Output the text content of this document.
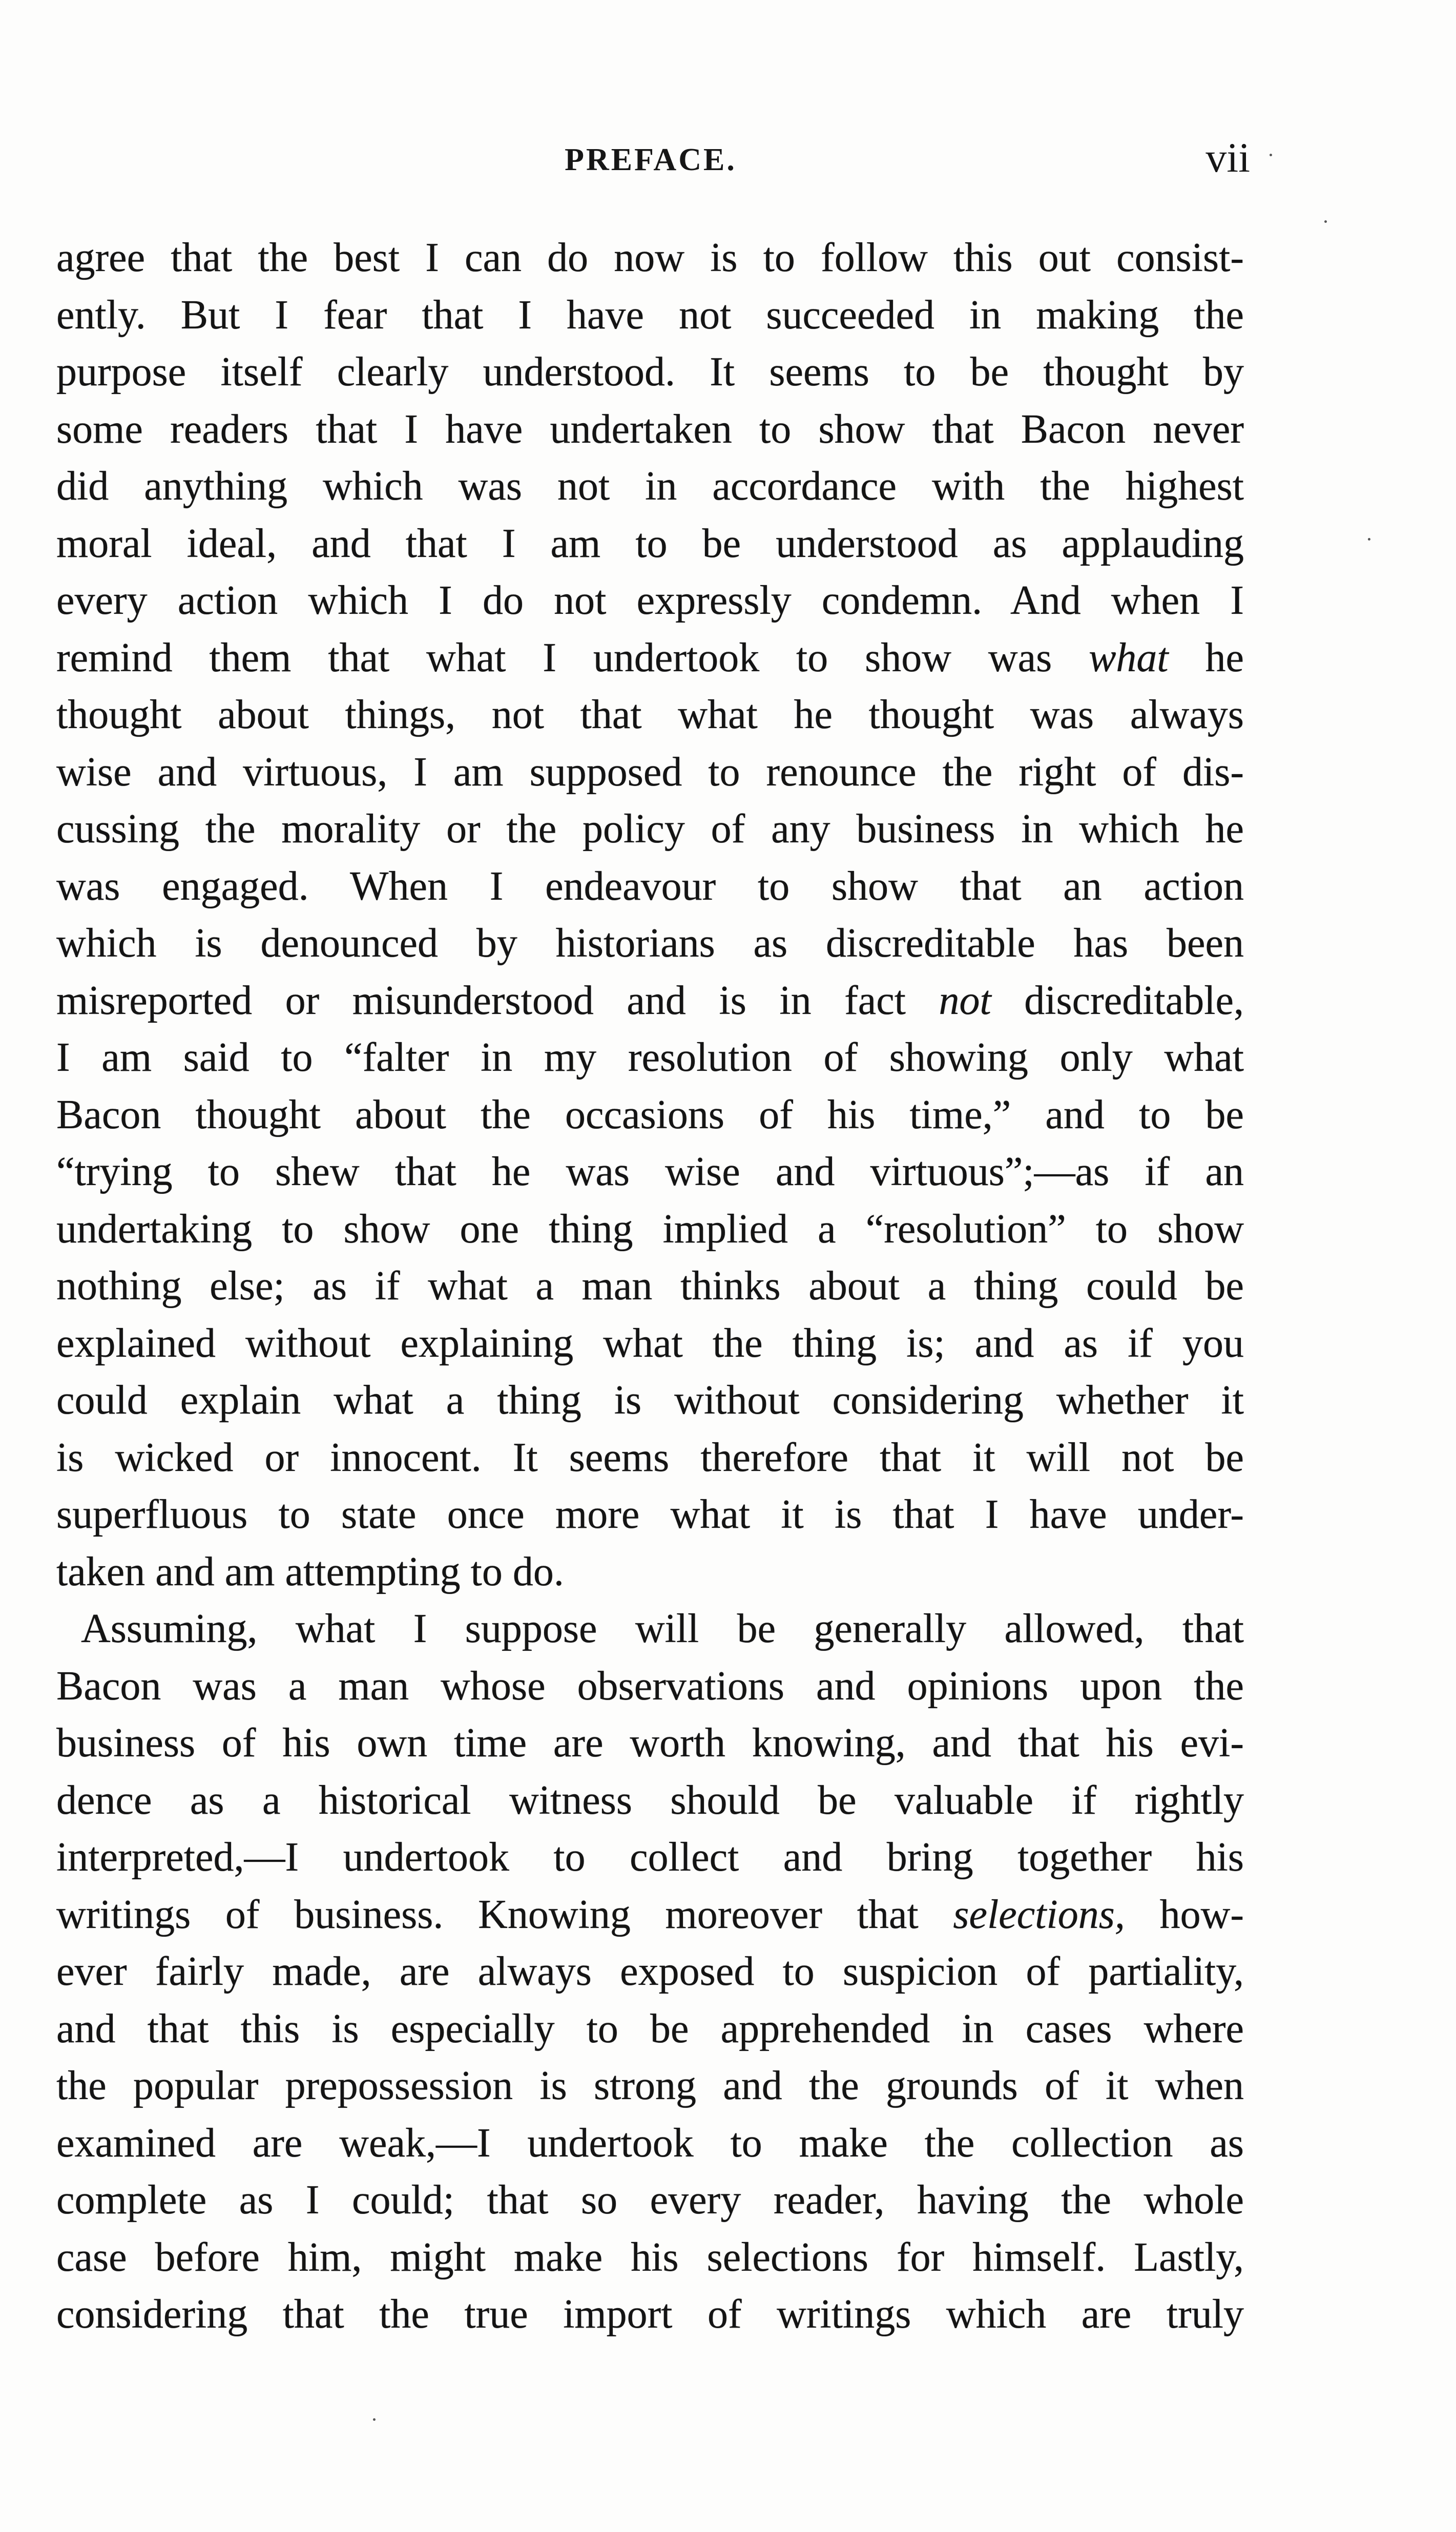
PREFACE.	vii
agree that the best I can do now is to follow this out consist-
ently. But I fear that I have not succeeded in making the
purpose itself clearly understood. It seems to be thought by
some readers that I have undertaken to show that Bacon never
did anything which was not in accordance with the highest
moral ideal, and that I am to be understood as applauding
every action which I do not expressly condemn. And when I
remind them that what I undertook to show was what he
thought about things, not that what he thought was always
wise and virtuous, I am supposed to renounce the right of dis-
cussing the morality or the policy of any business in which he
was engaged. When I endeavour to show that an action
which is denounced by historians as discreditable has been
misreported or misunderstood and is in fact not discreditable,
I am said to “falter in my resolution of showing only what
Bacon thought about the occasions of his time,” and to be
“trying to shew that he was wise and virtuous”;—as if an
undertaking to show one thing implied a “resolution” to show
nothing else; as if what a man thinks about a thing could be
explained without explaining what the thing is; and as if you
could explain what a thing is without considering whether it
is wicked or innocent. It seems therefore that it will not be
superfluous to state once more what it is that I have under-
taken and am attempting to do.
Assuming, what I suppose will be generally allowed, that
Bacon was a man whose observations and opinions upon the
business of his own time are worth knowing, and that his evi-
dence as a historical witness should be valuable if rightly
interpreted,—I undertook to collect and bring together his
writings of business. Knowing moreover that selections, how-
ever fairly made, are always exposed to suspicion of partiality,
and that this is especially to be apprehended in cases where
the popular prepossession is strong and the grounds of it when
examined are weak,—I undertook to make the collection as
complete as I could; that so every reader, having the whole
case before him, might make his selections for himself. Lastly,
considering that the true import of writings which are truly
